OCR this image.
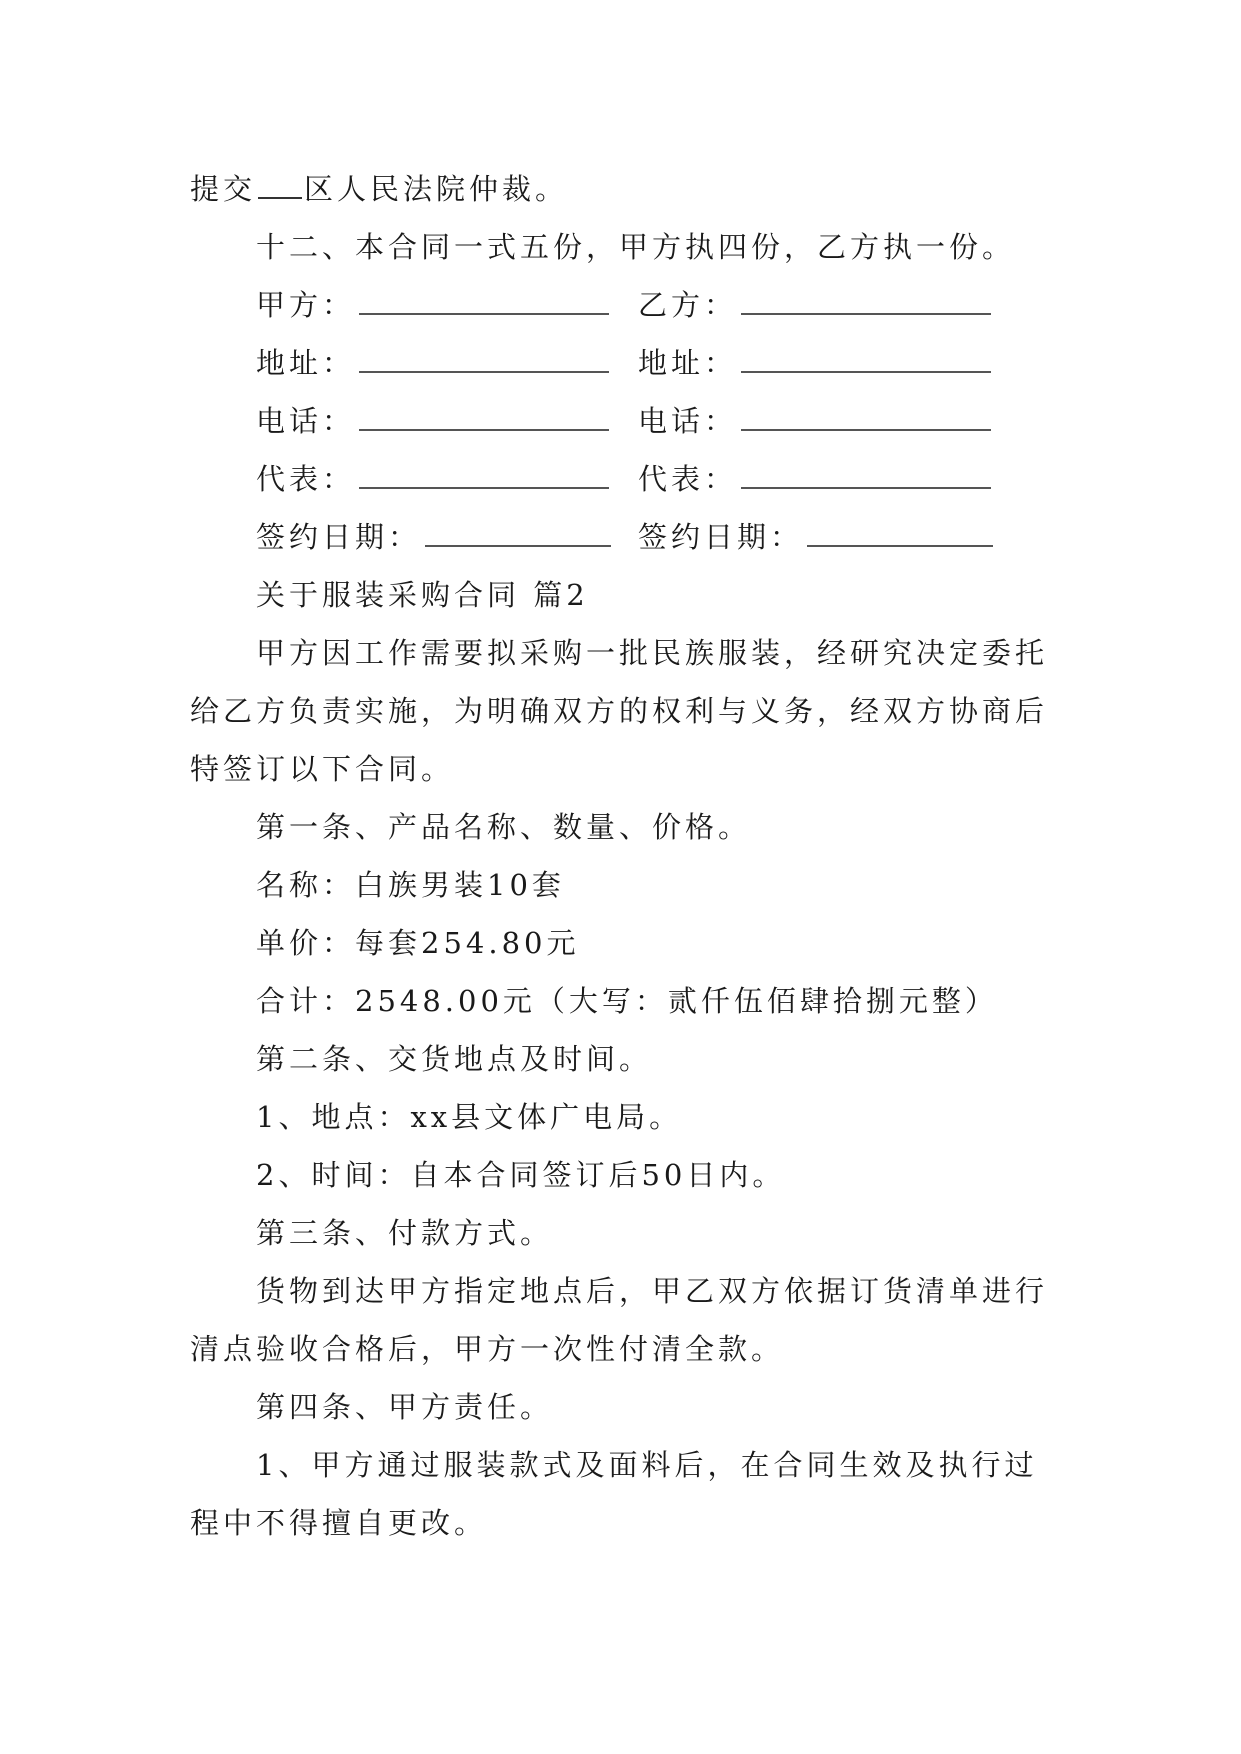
提交 区人民法院仲裁。
十二、本合同一式五份，甲方执四份，乙方执一份。
甲方：	乙方：
地址：	地址：
电话：	电话：
代表：	代表：
签约日期：	签约日期：
关于服装采购合同 篇2
甲方因工作需要拟采购一批民族服装，经研究决定委托
给乙方负责实施，为明确双方的权利与义务，经双方协商后
特签订以下合同。
第一条、产品名称、数量、价格。
名称：白族男装10套
单价：每套254.80元
合计：2548.00元（大写：贰仟伍佰肆拾捌元整）
第二条、交货地点及时间。
1、地点：xx县文体广电局。
2、时间：自本合同签订后50日内。
第三条、付款方式。
货物到达甲方指定地点后，甲乙双方依据订货清单进行
清点验收合格后，甲方一次性付清全款。
第四条、甲方责任。
1、甲方通过服装款式及面料后，在合同生效及执行过
程中不得擅自更改。
